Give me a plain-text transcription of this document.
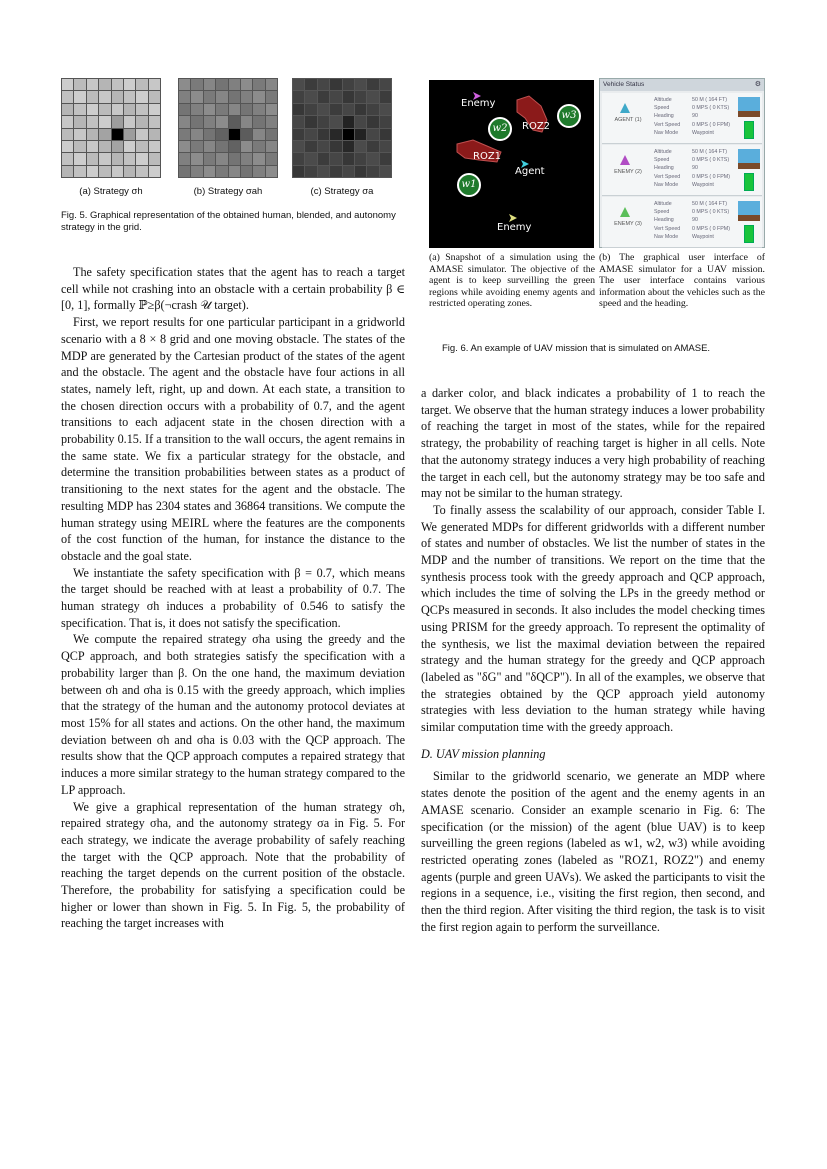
(a) Strategy σh	(b) Strategy σah	(c) Strategy σa
Fig. 5. Graphical representation of the obtained human, blended, and autonomy strategy in the grid.
Enemy
Agent
Enemy
ROZ2
ROZ1
w2
w3
w1
Vehicle Status	⚙
AGENT (1)
Altitude	50 M ( 164 FT)
Speed	0 MPS ( 0 KTS)
Heading	90
Vert Speed 0 MPS ( 0 FPM)
Nav Mode	Waypoint
ENEMY (2)
Altitude	50 M ( 164 FT)
Speed	0 MPS ( 0 KTS)
Heading	90
Vert Speed 0 MPS ( 0 FPM)
Nav Mode	Waypoint
ENEMY (3)
Altitude	50 M ( 164 FT)
Speed	0 MPS ( 0 KTS)
Heading	90
Vert Speed 0 MPS ( 0 FPM)
Nav Mode	Waypoint
(a) Snapshot of a simulation using the AMASE simulator. The objective of the agent is to keep surveilling the green regions while avoiding enemy agents and restricted operating zones.
(b) The graphical user interface of AMASE simulator for a UAV mission. The user interface contains various information about the vehicles such as the speed and the heading.
Fig. 6. An example of UAV mission that is simulated on AMASE.

The safety specification states that the agent has to reach a target cell while not crashing into an obstacle with a certain probability β ∈ [0, 1], formally ℙ≥β(¬crash 𝒰 target).

First, we report results for one particular participant in a gridworld scenario with a 8 × 8 grid and one moving obstacle. The states of the MDP are generated by the Cartesian product of the states of the agent and the obstacle. The agent and the obstacle have four actions in all states, namely left, right, up and down. At each state, a transition to the chosen direction occurs with a probability of 0.7, and the agent transitions to each adjacent state in the chosen direction with a probability 0.15. If a transition to the wall occurs, the agent remains in the same state. We fix a particular strategy for the obstacle, and determine the transition probabilities between states as a product of transitioning to the next states for the agent and the obstacle. The resulting MDP has 2304 states and 36864 transitions. We compute the human strategy using MEIRL where the features are the components of the cost function of the human, for instance the distance to the obstacle and the goal state.

We instantiate the safety specification with β = 0.7, which means the target should be reached with at least a probability of 0.7. The human strategy σh induces a probability of 0.546 to satisfy the specification. That is, it does not satisfy the specification.

We compute the repaired strategy σha using the greedy and the QCP approach, and both strategies satisfy the specification with a probability larger than β. On the one hand, the maximum deviation between σh and σha is 0.15 with the greedy approach, which implies that the strategy of the human and the autonomy protocol deviates at most 15% for all states and actions. On the other hand, the maximum deviation between σh and σha is 0.03 with the QCP approach. The results show that the QCP approach computes a repaired strategy that induces a more similar strategy to the human strategy compared to the LP approach.

We give a graphical representation of the human strategy σh, repaired strategy σha, and the autonomy strategy σa in Fig. 5. For each strategy, we indicate the average probability of safely reaching the target with the QCP approach. Note that the probability of reaching the target depends on the current position of the obstacle. Therefore, the probability for satisfying a specification could be higher or lower than shown in Fig. 5. In Fig. 5, the probability of reaching the target increases with

a darker color, and black indicates a probability of 1 to reach the target. We observe that the human strategy induces a lower probability of reaching the target in most of the states, while for the repaired strategy, the probability of reaching target is higher in all cells. Note that the autonomy strategy induces a very high probability of reaching the target in each cell, but the autonomy strategy may be too safe and may not be similar to the human strategy.

To finally assess the scalability of our approach, consider Table I. We generated MDPs for different gridworlds with a different number of states and number of obstacles. We list the number of states in the MDP and the number of transitions. We report on the time that the synthesis process took with the greedy approach and QCP approach, which includes the time of solving the LPs in the greedy method or QCPs measured in seconds. It also includes the model checking times using PRISM for the greedy approach. To represent the optimality of the synthesis, we list the maximal deviation between the repaired strategy and the human strategy for the greedy and QCP approach (labeled as "δG" and "δQCP"). In all of the examples, we observe that the strategies obtained by the QCP approach yield autonomy strategies with less deviation to the human strategy while having similar computation time with the greedy approach.

D. UAV mission planning

Similar to the gridworld scenario, we generate an MDP where states denote the position of the agent and the enemy agents in an AMASE scenario. Consider an example scenario in Fig. 6: The specification (or the mission) of the agent (blue UAV) is to keep surveilling the green regions (labeled as w1, w2, w3) while avoiding restricted operating zones (labeled as "ROZ1, ROZ2") and enemy agents (purple and green UAVs). We asked the participants to visit the regions in a sequence, i.e., visiting the first region, then second, and then the third region. After visiting the third region, the task is to visit the first region again to perform the surveillance.
